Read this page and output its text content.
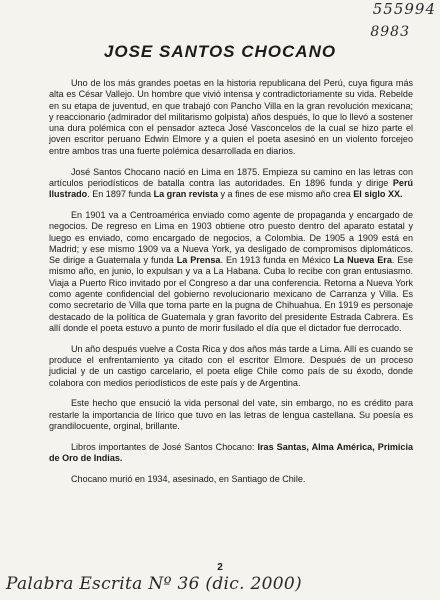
555994
8983
JOSE SANTOS CHOCANO

Uno de los más grandes poetas en la historia republicana del Perú, cuya figura más alta es César Vallejo. Un hombre que vivió intensa y contradictoriamente su vida. Rebelde en su etapa de juventud, en que trabajó con Pancho Villa en la gran revolución mexicana; y reaccionario (admirador del militarismo golpista) años después, lo que lo llevó a sostener una dura polémica con el pensador azteca José Vasconcelos de la cual se hizo parte el joven escritor peruano Edwin Elmore y a quien el poeta asesinó en un violento forcejeo entre ambos tras una fuerte polémica desarrollada en diarios.

José Santos Chocano nació en Lima en 1875. Empieza su camino en las letras con artículos periodísticos de batalla contra las autoridades. En 1896 funda y dirige Perú Ilustrado. En 1897 funda La gran revista y a fines de ese mismo año crea El siglo XX.

En 1901 va a Centroamérica enviado como agente de propaganda y encargado de negocios. De regreso en Lima en 1903 obtiene otro puesto dentro del aparato estatal y luego es enviado, como encargado de negocios, a Colombia. De 1905 a 1909 está en Madrid; y ese mismo 1909 va a Nueva York, ya desligado de compromisos diplomáticos. Se dirige a Guatemala y funda La Prensa. En 1913 funda en México La Nueva Era. Ese mismo año, en junio, lo expulsan y va a La Habana. Cuba lo recibe con gran entusiasmo. Viaja a Puerto Rico invitado por el Congreso a dar una conferencia. Retorna a Nueva York como agente confidencial del gobierno revolucionario mexicano de Carranza y Villa. Es como secretario de Villa que toma parte en la pugna de Chihuahua. En 1919 es personaje destacado de la política de Guatemala y gran favorito del presidente Estrada Cabrera. Es allí donde el poeta estuvo a punto de morir fusilado el día que el dictador fue derrocado.

Un año después vuelve a Costa Rica y dos años más tarde a Lima. Allí es cuando se produce el enfrentamiento ya citado con el escritor Elmore. Después de un proceso judicial y de un castigo carcelario, el poeta elige Chile como país de su éxodo, donde colabora con medios periodísticos de este país y de Argentina.

Este hecho que ensució la vida personal del vate, sin embargo, no es crédito para restarle la importancia de lírico que tuvo en las letras de lengua castellana. Su poesía es grandilocuente, orginal, brillante.

Libros importantes de José Santos Chocano: Iras Santas, Alma América, Primicia de Oro de Indias.

Chocano murió en 1934, asesinado, en Santiago de Chile.

2
Palabra Escrita Nº 36 (dic. 2000)
